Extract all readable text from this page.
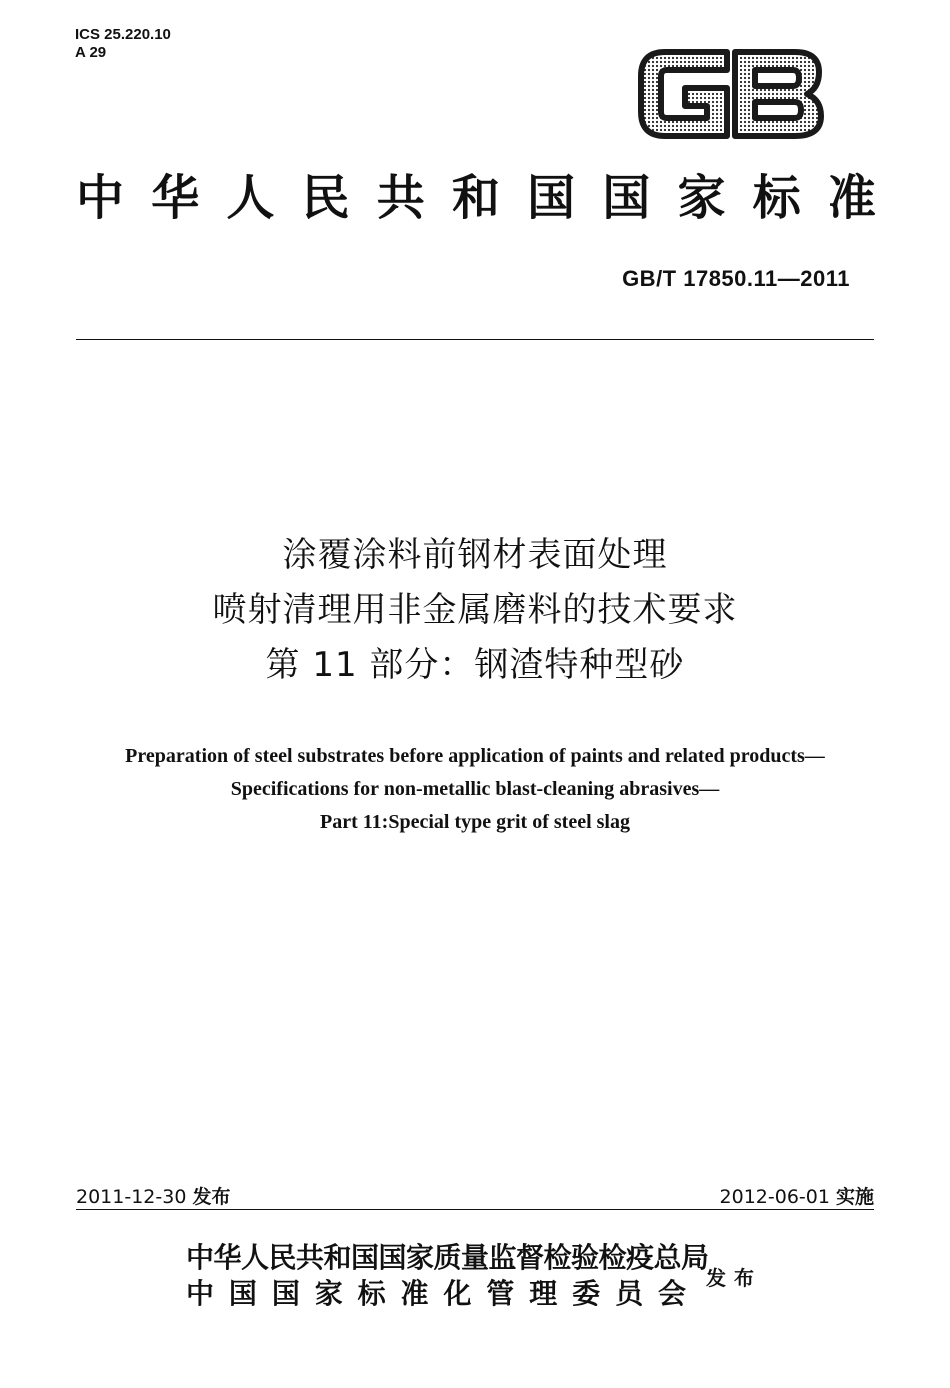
ICS 25.220.10
A 29
中 华 人 民 共 和 国 国 家 标 准
GB/T 17850.11—2011
涂覆涂料前钢材表面处理
喷射清理用非金属磨料的技术要求
第 11 部分：钢渣特种型砂
Preparation of steel substrates before application of paints and related products—
Specifications for non-metallic blast-cleaning abrasives—
Part 11:Special type grit of steel slag
2011-12-30 发布	2012-06-01 实施
中华人民共和国国家质量监督检验检疫总局
中 国 国 家 标 准 化 管 理 委 员 会 发布
